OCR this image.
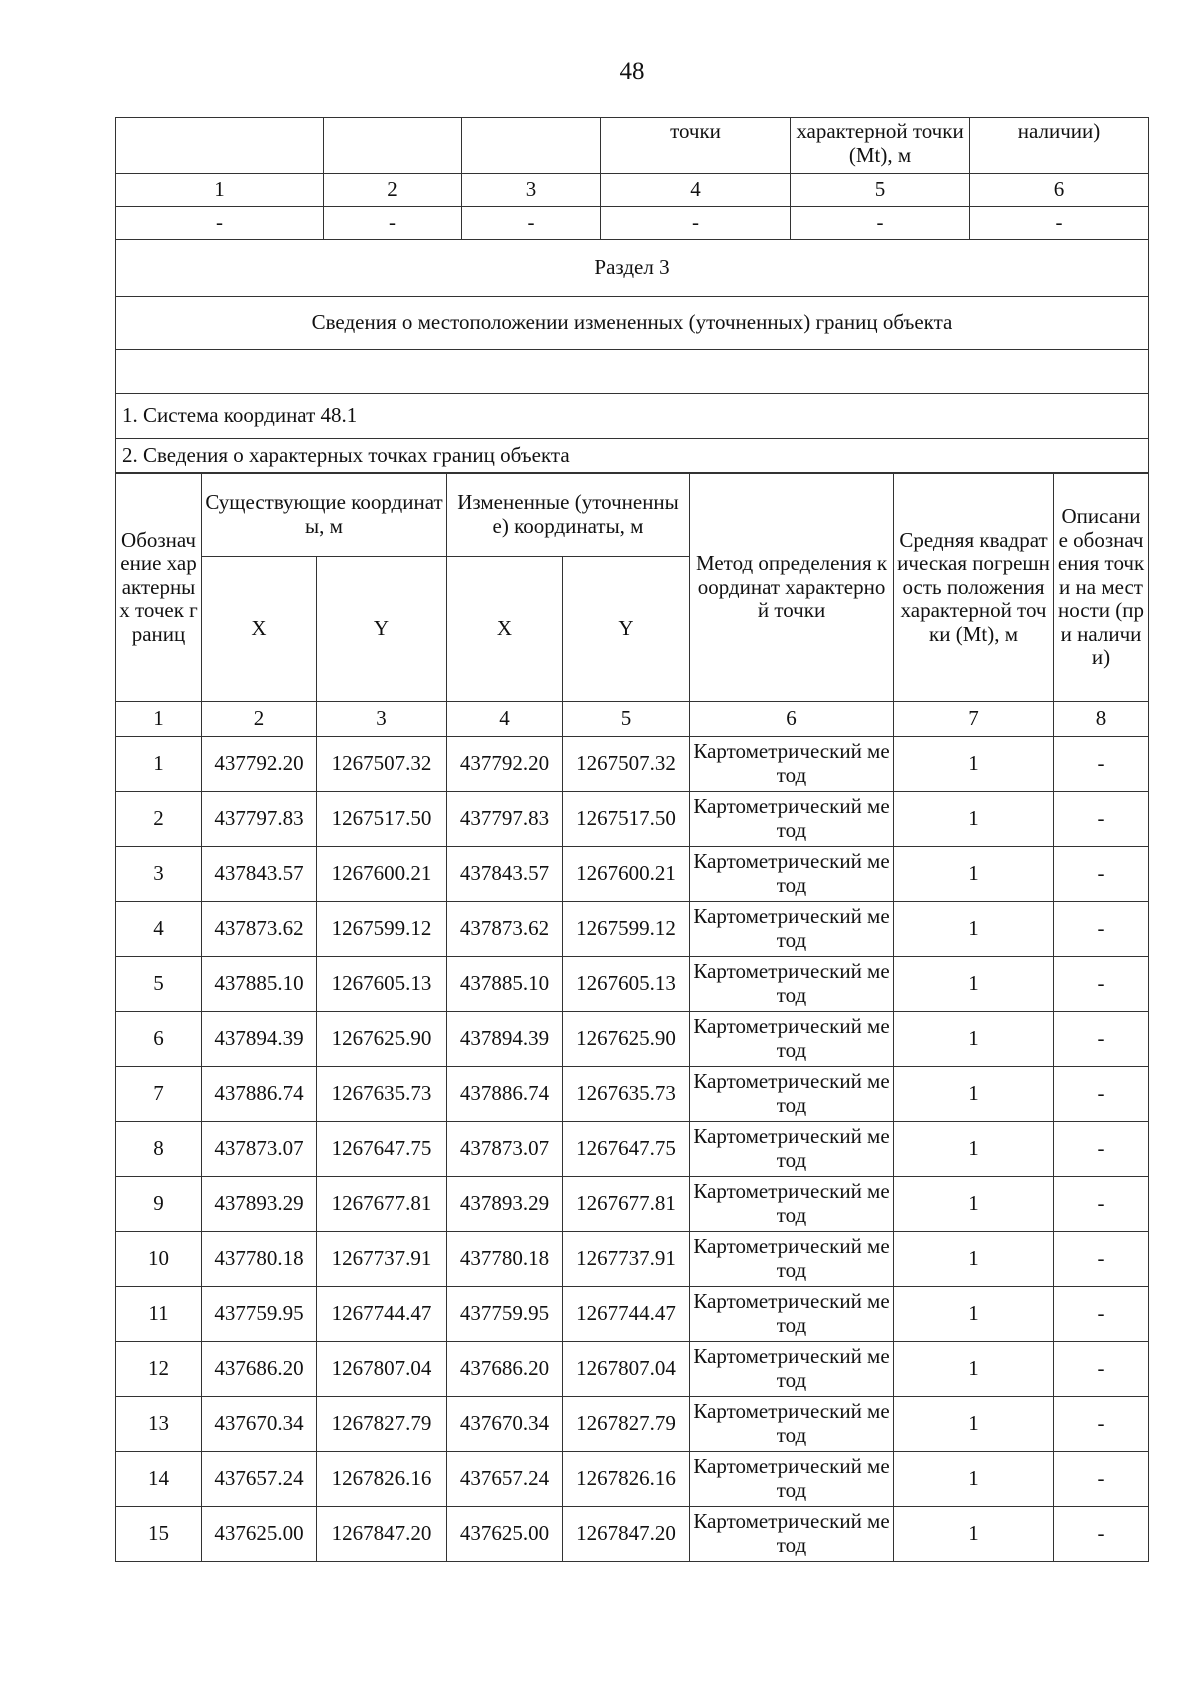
48
			точки	характерной точки (Mt), м	наличии)
1	2	3	4	5	6
-	-	-	-	-	-
Раздел 3					
Сведения о местоположении измененных (уточненных) границ объекта					

1. Система координат 48.1					
2. Сведения о характерных точках границ объекта					
Обозначение характерных точек границ	Существующие координаты, м		Измененные (уточненные) координаты, м		Метод определения координат характерной точки	Средняя квадратическая погрешность положения характерной точки (Mt), м	Описание обозначения точки на местности (при наличии)
	X	Y	X	Y			
1	2	3	4	5	6	7	8
1	437792.20	1267507.32	437792.20	1267507.32	Картометрический метод	1	-
2	437797.83	1267517.50	437797.83	1267517.50	Картометрический метод	1	-
3	437843.57	1267600.21	437843.57	1267600.21	Картометрический метод	1	-
4	437873.62	1267599.12	437873.62	1267599.12	Картометрический метод	1	-
5	437885.10	1267605.13	437885.10	1267605.13	Картометрический метод	1	-
6	437894.39	1267625.90	437894.39	1267625.90	Картометрический метод	1	-
7	437886.74	1267635.73	437886.74	1267635.73	Картометрический метод	1	-
8	437873.07	1267647.75	437873.07	1267647.75	Картометрический метод	1	-
9	437893.29	1267677.81	437893.29	1267677.81	Картометрический метод	1	-
10	437780.18	1267737.91	437780.18	1267737.91	Картометрический метод	1	-
11	437759.95	1267744.47	437759.95	1267744.47	Картометрический метод	1	-
12	437686.20	1267807.04	437686.20	1267807.04	Картометрический метод	1	-
13	437670.34	1267827.79	437670.34	1267827.79	Картометрический метод	1	-
14	437657.24	1267826.16	437657.24	1267826.16	Картометрический метод	1	-
15	437625.00	1267847.20	437625.00	1267847.20	Картометрический метод	1	-
